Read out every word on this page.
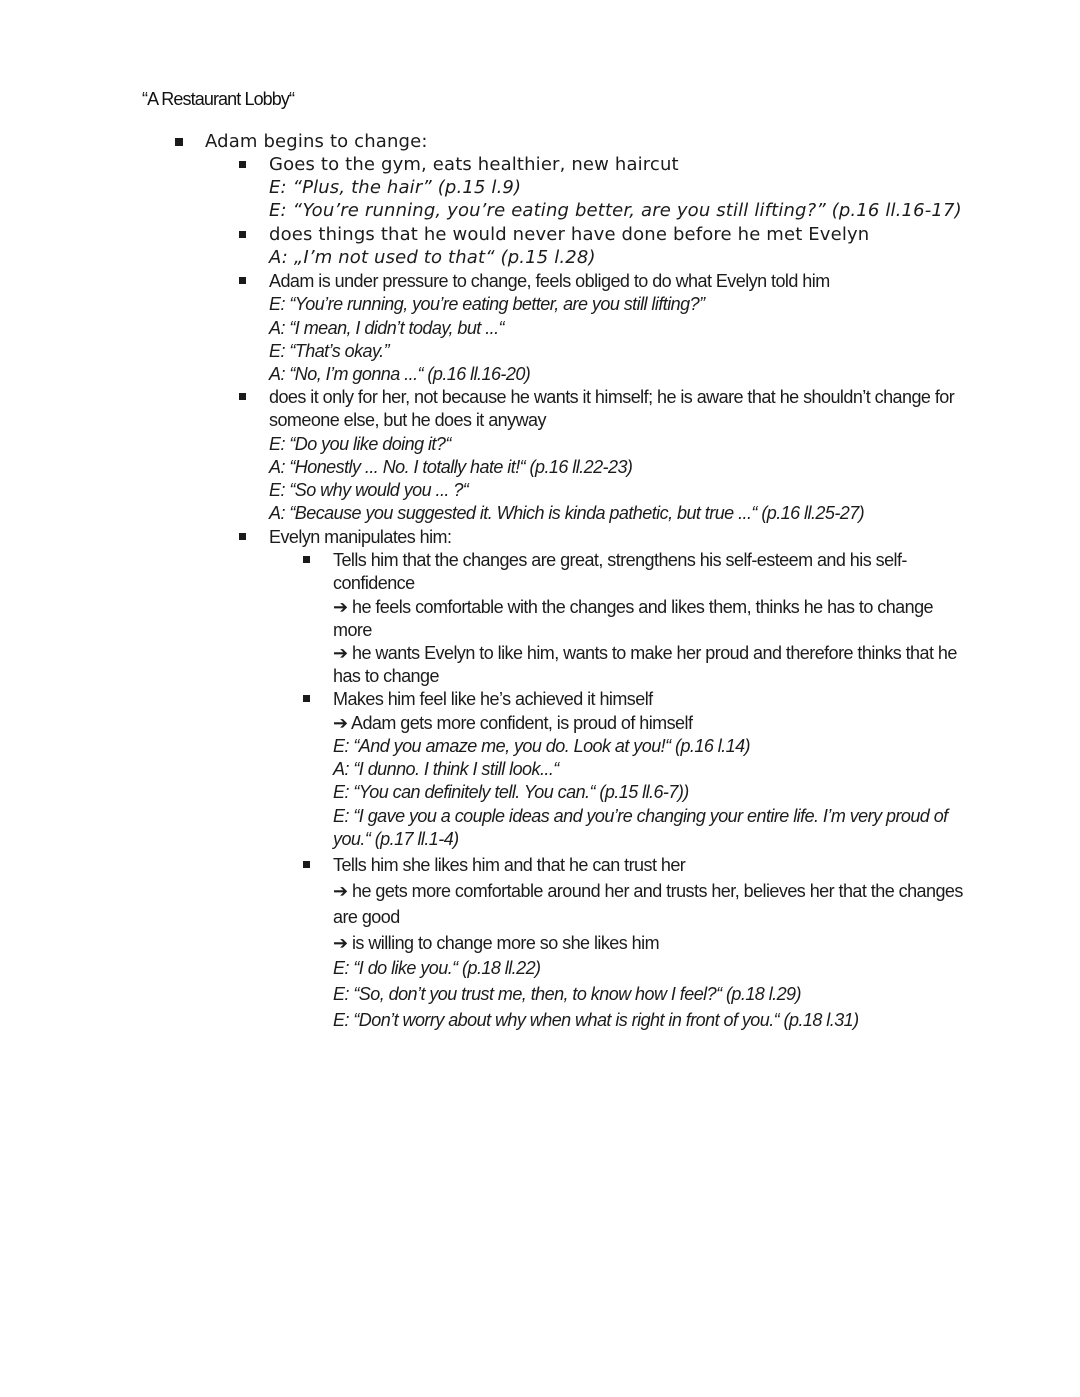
“A Restaurant Lobby“
Adam begins to change:
Goes to the gym, eats healthier, new haircut
E: “Plus, the hair” (p.15 l.9)
E: “You’re running, you’re eating better, are you still lifting?” (p.16 ll.16-17)
does things that he would never have done before he met Evelyn
A: „I’m not used to that“ (p.15 l.28)
Adam is under pressure to change, feels obliged to do what Evelyn told him
E: “You’re running, you’re eating better, are you still lifting?”
A: “I mean, I didn’t today, but ...“
E: “That’s okay.”
A: “No, I’m gonna ...“ (p.16 ll.16-20)
does it only for her, not because he wants it himself; he is aware that he shouldn’t change for
someone else, but he does it anyway
E: “Do you like doing it?“
A: “Honestly ... No. I totally hate it!“ (p.16 ll.22-23)
E: “So why would you ... ?“
A: “Because you suggested it. Which is kinda pathetic, but true ...“ (p.16 ll.25-27)
Evelyn manipulates him:
Tells him that the changes are great, strengthens his self-esteem and his self-
confidence
➔ he feels comfortable with the changes and likes them, thinks he has to change
more
➔ he wants Evelyn to like him, wants to make her proud and therefore thinks that he
has to change
Makes him feel like he’s achieved it himself
➔ Adam gets more confident, is proud of himself
E: “And you amaze me, you do. Look at you!“ (p.16 l.14)
A: “I dunno. I think I still look...“
E: “You can definitely tell. You can.“ (p.15 ll.6-7))
E: “I gave you a couple ideas and you’re changing your entire life. I’m very proud of
you.“ (p.17 ll.1-4)
Tells him she likes him and that he can trust her
➔ he gets more comfortable around her and trusts her, believes her that the changes
are good
➔ is willing to change more so she likes him
E: “I do like you.“ (p.18 ll.22)
E: “So, don’t you trust me, then, to know how I feel?“ (p.18 l.29)
E: “Don’t worry about why when what is right in front of you.“ (p.18 l.31)
